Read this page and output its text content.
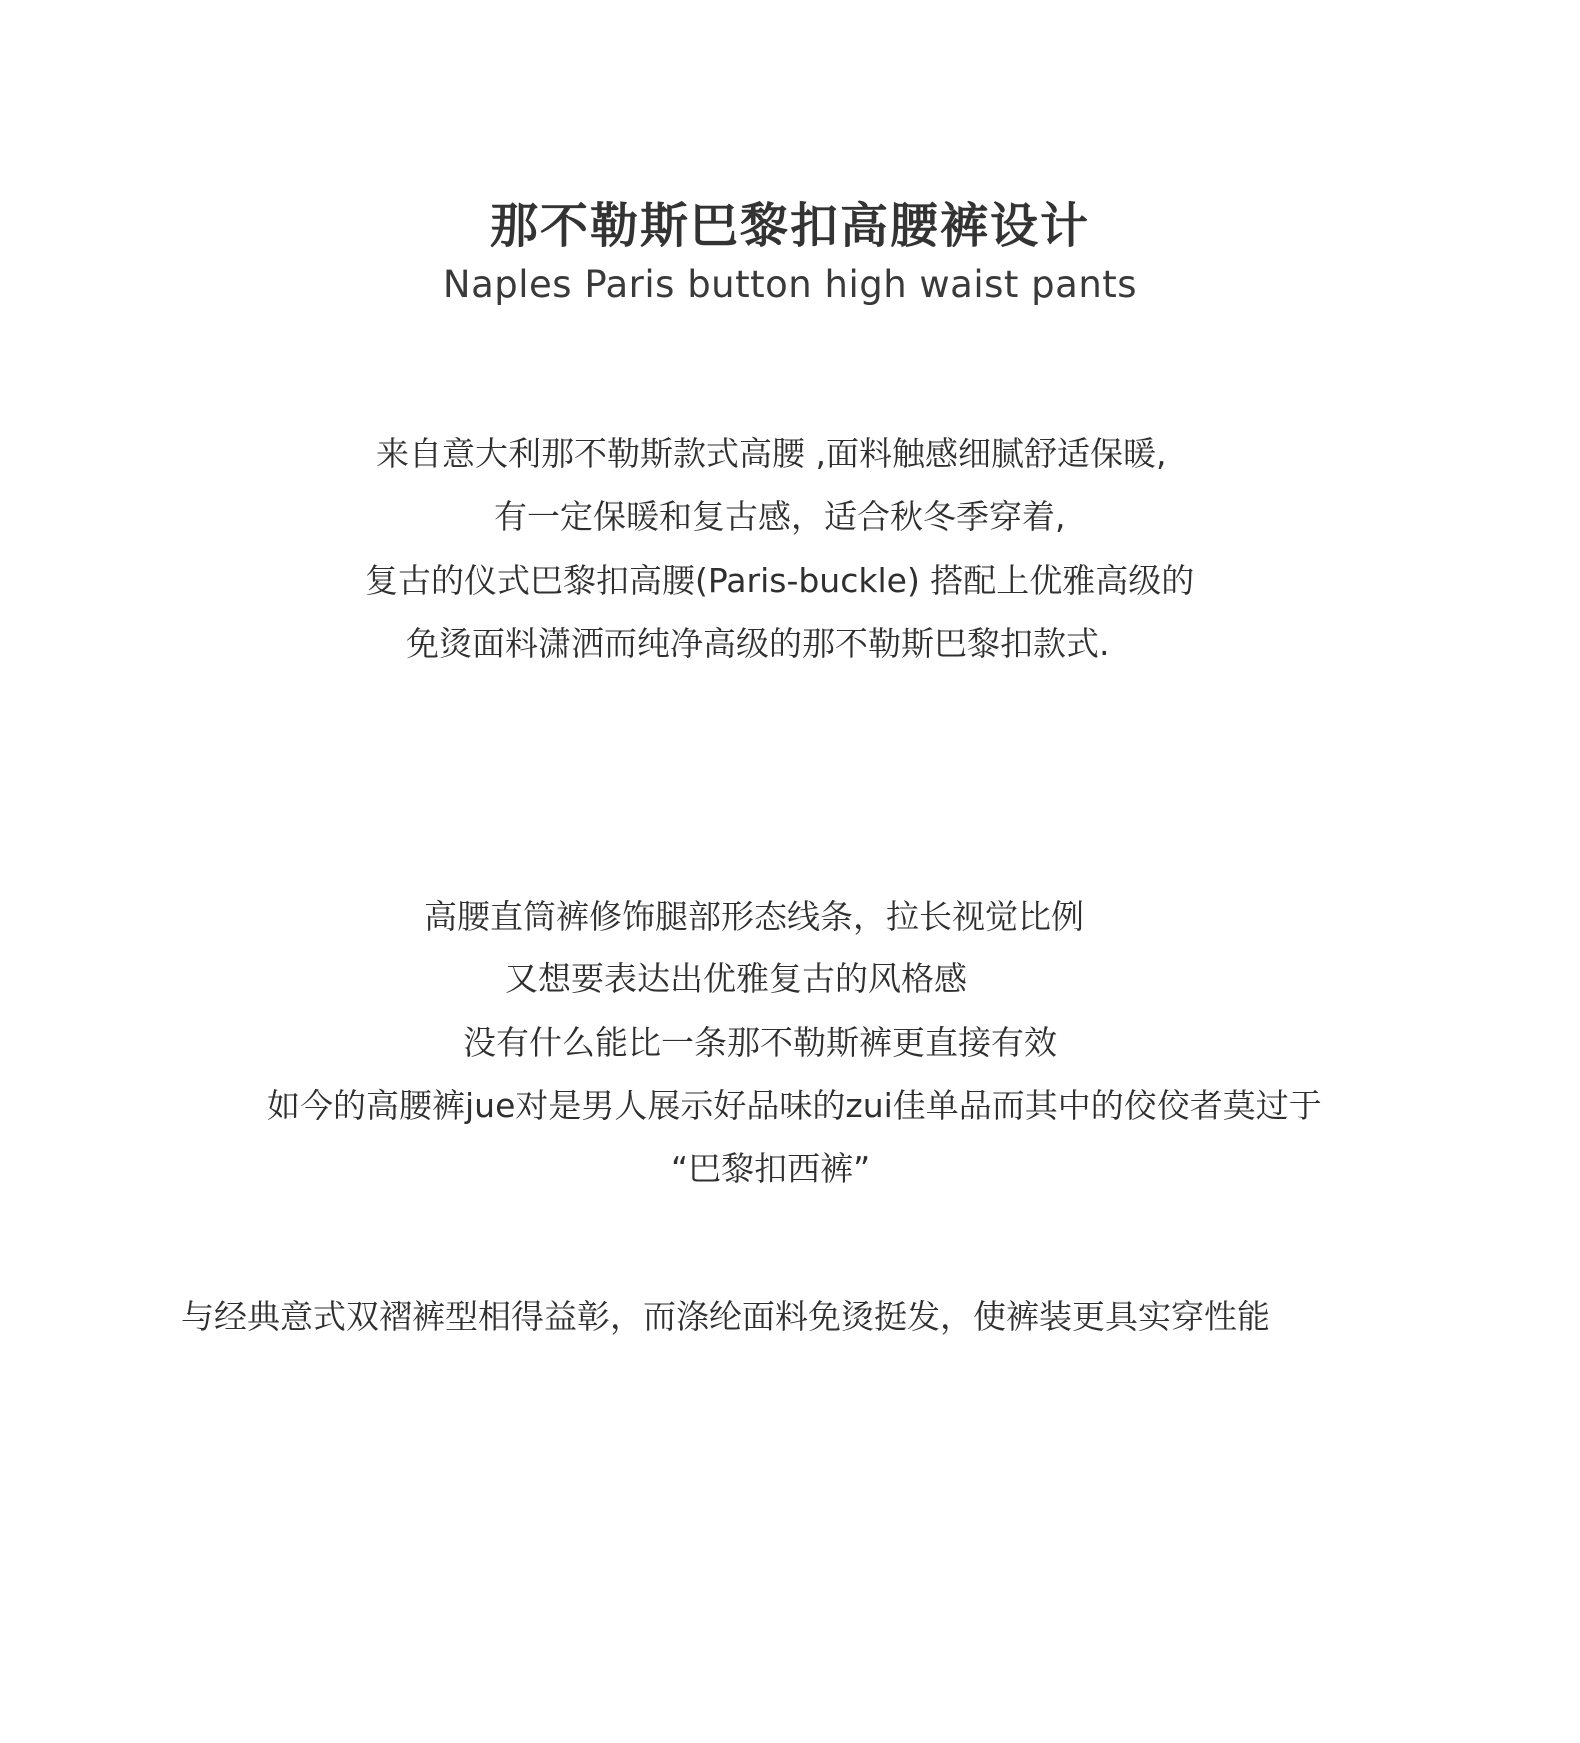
那不勒斯巴黎扣高腰裤设计
Naples Paris button high waist pants
来自意大利那不勒斯款式高腰 ,面料触感细腻舒适保暖,
有一定保暖和复古感，适合秋冬季穿着,
复古的仪式巴黎扣高腰(Paris-buckle) 搭配上优雅高级的
免烫面料潇洒而纯净高级的那不勒斯巴黎扣款式.
高腰直筒裤修饰腿部形态线条，拉长视觉比例
又想要表达出优雅复古的风格感
没有什么能比一条那不勒斯裤更直接有效
如今的高腰裤jue对是男人展示好品味的zui佳单品而其中的佼佼者莫过于
“巴黎扣西裤”
与经典意式双褶裤型相得益彰，而涤纶面料免烫挺发，使裤装更具实穿性能
